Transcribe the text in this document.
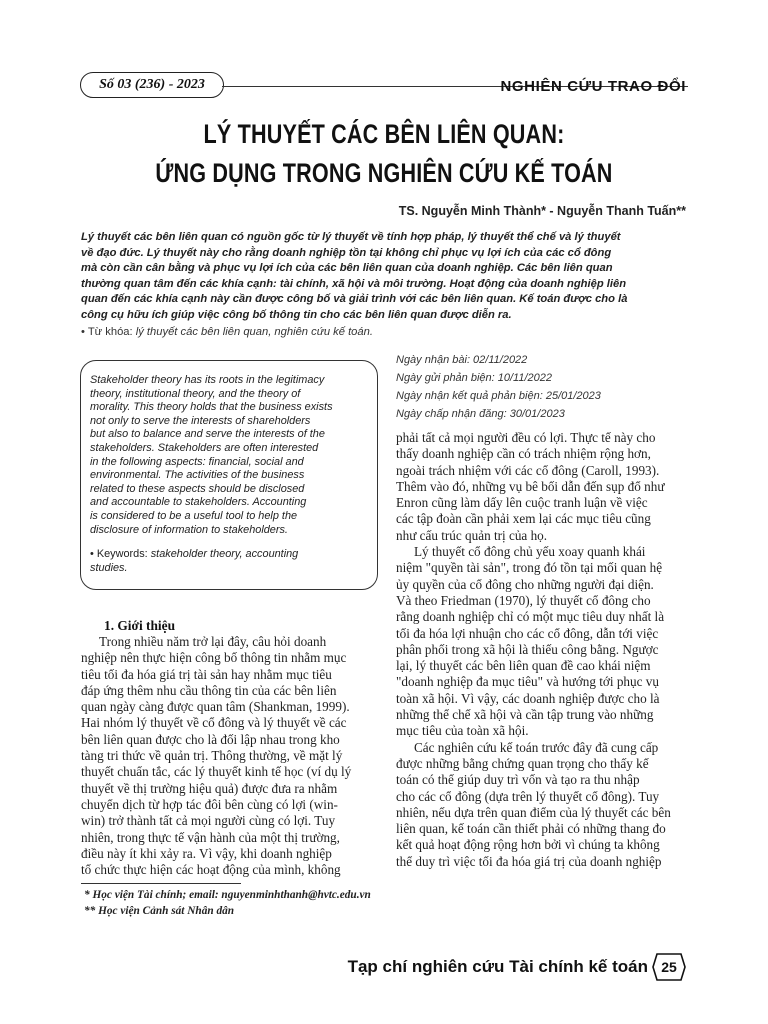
Số 03 (236) - 2023	NGHIÊN CỨU TRAO ĐỔI
LÝ THUYẾT CÁC BÊN LIÊN QUAN:
ỨNG DỤNG TRONG NGHIÊN CỨU KẾ TOÁN
TS. Nguyễn Minh Thành* - Nguyễn Thanh Tuấn**
Lý thuyết các bên liên quan có nguồn gốc từ lý thuyết về tính hợp pháp, lý thuyết thể chế và lý thuyết
về đạo đức. Lý thuyết này cho rằng doanh nghiệp tồn tại không chỉ phục vụ lợi ích của các cổ đông
mà còn cần cân bằng và phục vụ lợi ích của các bên liên quan của doanh nghiệp. Các bên liên quan
thường quan tâm đến các khía cạnh: tài chính, xã hội và môi trường. Hoạt động của doanh nghiệp liên
quan đến các khía cạnh này cần được công bố và giải trình với các bên liên quan. Kế toán được cho là
công cụ hữu ích giúp việc công bố thông tin cho các bên liên quan được diễn ra.
• Từ khóa: lý thuyết các bên liên quan, nghiên cứu kế toán.
Stakeholder theory has its roots in the legitimacy
theory, institutional theory, and the theory of
morality. This theory holds that the business exists
not only to serve the interests of shareholders
but also to balance and serve the interests of the
stakeholders. Stakeholders are often interested
in the following aspects: financial, social and
environmental. The activities of the business
related to these aspects should be disclosed
and accountable to stakeholders. Accounting
is considered to be a useful tool to help the
disclosure of information to stakeholders.
• Keywords: stakeholder theory, accounting
studies.
Ngày nhận bài: 02/11/2022
Ngày gửi phản biện: 10/11/2022
Ngày nhận kết quả phản biện: 25/01/2023
Ngày chấp nhận đăng: 30/01/2023
1. Giới thiệu
Trong nhiều năm trở lại đây, câu hỏi doanh
nghiệp nên thực hiện công bố thông tin nhằm mục
tiêu tối đa hóa giá trị tài sản hay nhằm mục tiêu
đáp ứng thêm nhu cầu thông tin của các bên liên
quan ngày càng được quan tâm (Shankman, 1999).
Hai nhóm lý thuyết về cổ đông và lý thuyết về các
bên liên quan được cho là đối lập nhau trong kho
tàng tri thức về quản trị. Thông thường, về mặt lý
thuyết chuẩn tắc, các lý thuyết kinh tế học (ví dụ lý
thuyết về thị trường hiệu quả) được đưa ra nhằm
chuyển dịch từ hợp tác đôi bên cùng có lợi (win-
win) trở thành tất cả mọi người cùng có lợi. Tuy
nhiên, trong thực tế vận hành của một thị trường,
điều này ít khi xảy ra. Vì vậy, khi doanh nghiệp
tổ chức thực hiện các hoạt động của mình, không
phải tất cả mọi người đều có lợi. Thực tế này cho
thấy doanh nghiệp cần có trách nhiệm rộng hơn,
ngoài trách nhiệm với các cổ đông (Caroll, 1993).
Thêm vào đó, những vụ bê bối dẫn đến sụp đổ như
Enron cũng làm dấy lên cuộc tranh luận về việc
các tập đoàn cần phải xem lại các mục tiêu cũng
như cấu trúc quản trị của họ.
Lý thuyết cổ đông chủ yếu xoay quanh khái
niệm "quyền tài sản", trong đó tồn tại mối quan hệ
ủy quyền của cổ đông cho những người đại diện.
Và theo Friedman (1970), lý thuyết cổ đông cho
rằng doanh nghiệp chỉ có một mục tiêu duy nhất là
tối đa hóa lợi nhuận cho các cổ đông, dẫn tới việc
phân phối trong xã hội là thiếu công bằng. Ngược
lại, lý thuyết các bên liên quan đề cao khái niệm
"doanh nghiệp đa mục tiêu" và hướng tới phục vụ
toàn xã hội. Vì vậy, các doanh nghiệp được cho là
những thể chế xã hội và cần tập trung vào những
mục tiêu của toàn xã hội.
Các nghiên cứu kế toán trước đây đã cung cấp
được những bằng chứng quan trọng cho thấy kế
toán có thể giúp duy trì vốn và tạo ra thu nhập
cho các cổ đông (dựa trên lý thuyết cổ đông). Tuy
nhiên, nếu dựa trên quan điểm của lý thuyết các bên
liên quan, kế toán cần thiết phải có những thang đo
kết quả hoạt động rộng hơn bởi vì chúng ta không
thể duy trì việc tối đa hóa giá trị của doanh nghiệp
* Học viện Tài chính; email: nguyenminhthanh@hvtc.edu.vn
** Học viện Cảnh sát Nhân dân
Tạp chí nghiên cứu Tài chính kế toán 25
